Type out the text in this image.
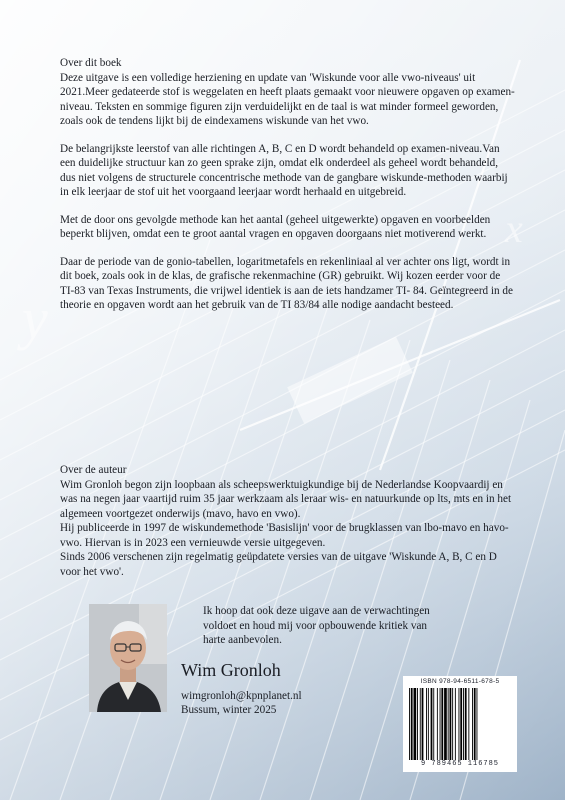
y
x

Over dit boek
Deze uitgave is een volledige herziening en update van 'Wiskunde voor alle vwo-niveaus' uit 2021.Meer gedateerde stof is weggelaten en heeft plaats gemaakt voor nieuwere opgaven op examen-niveau. Teksten en sommige figuren zijn verduidelijkt en de taal is wat minder formeel geworden, zoals ook de tendens lijkt bij de eindexamens wiskunde van het vwo.

De belangrijkste leerstof van alle richtingen A, B, C en D wordt behandeld op examen-niveau.Van een duidelijke structuur kan zo geen sprake zijn, omdat elk onderdeel als geheel wordt behandeld, dus niet volgens de structurele concentrische methode van de gangbare wiskunde-methoden waarbij in elk leerjaar de stof uit het voorgaand leerjaar wordt herhaald en uitgebreid.

Met de door ons gevolgde methode kan het aantal (geheel uitgewerkte) opgaven en voorbeelden beperkt blijven, omdat een te groot aantal vragen en opgaven doorgaans niet motiverend werkt.

Daar de periode van de gonio-tabellen, logaritmetafels en rekenliniaal al ver achter ons ligt, wordt in dit boek, zoals ook in de klas, de grafische rekenmachine (GR) gebruikt. Wij kozen eerder voor de TI-83 van Texas Instruments, die vrijwel identiek is aan de iets handzamer TI- 84. Geïntegreerd in de theorie en opgaven wordt aan het gebruik van de TI 83/84 alle nodige aandacht besteed.

Over de auteur
Wim Gronloh begon zijn loopbaan als scheepswerktuigkundige bij de Nederlandse Koopvaardij en was na negen jaar vaartijd ruim 35 jaar werkzaam als leraar wis- en natuurkunde op lts, mts en in het algemeen voortgezet onderwijs (mavo, havo en vwo).

Hij publiceerde in 1997 de wiskundemethode 'Basislijn' voor de brugklassen van lbo-mavo en havo-vwo. Hiervan is in 2023 een vernieuwde versie uitgegeven.

Sinds 2006 verschenen zijn regelmatig geüpdatete versies van de uitgave 'Wiskunde A, B, C en D voor het vwo'.

Ik hoop dat ook deze uigave aan de verwachtingen voldoet en houd mij voor opbouwende kritiek van harte aanbevolen.
Wim Gronloh
wimgronloh@kpnplanet.nl
Bussum, winter 2025
ISBN 978-94-6511-678-5
9 789465 116785
